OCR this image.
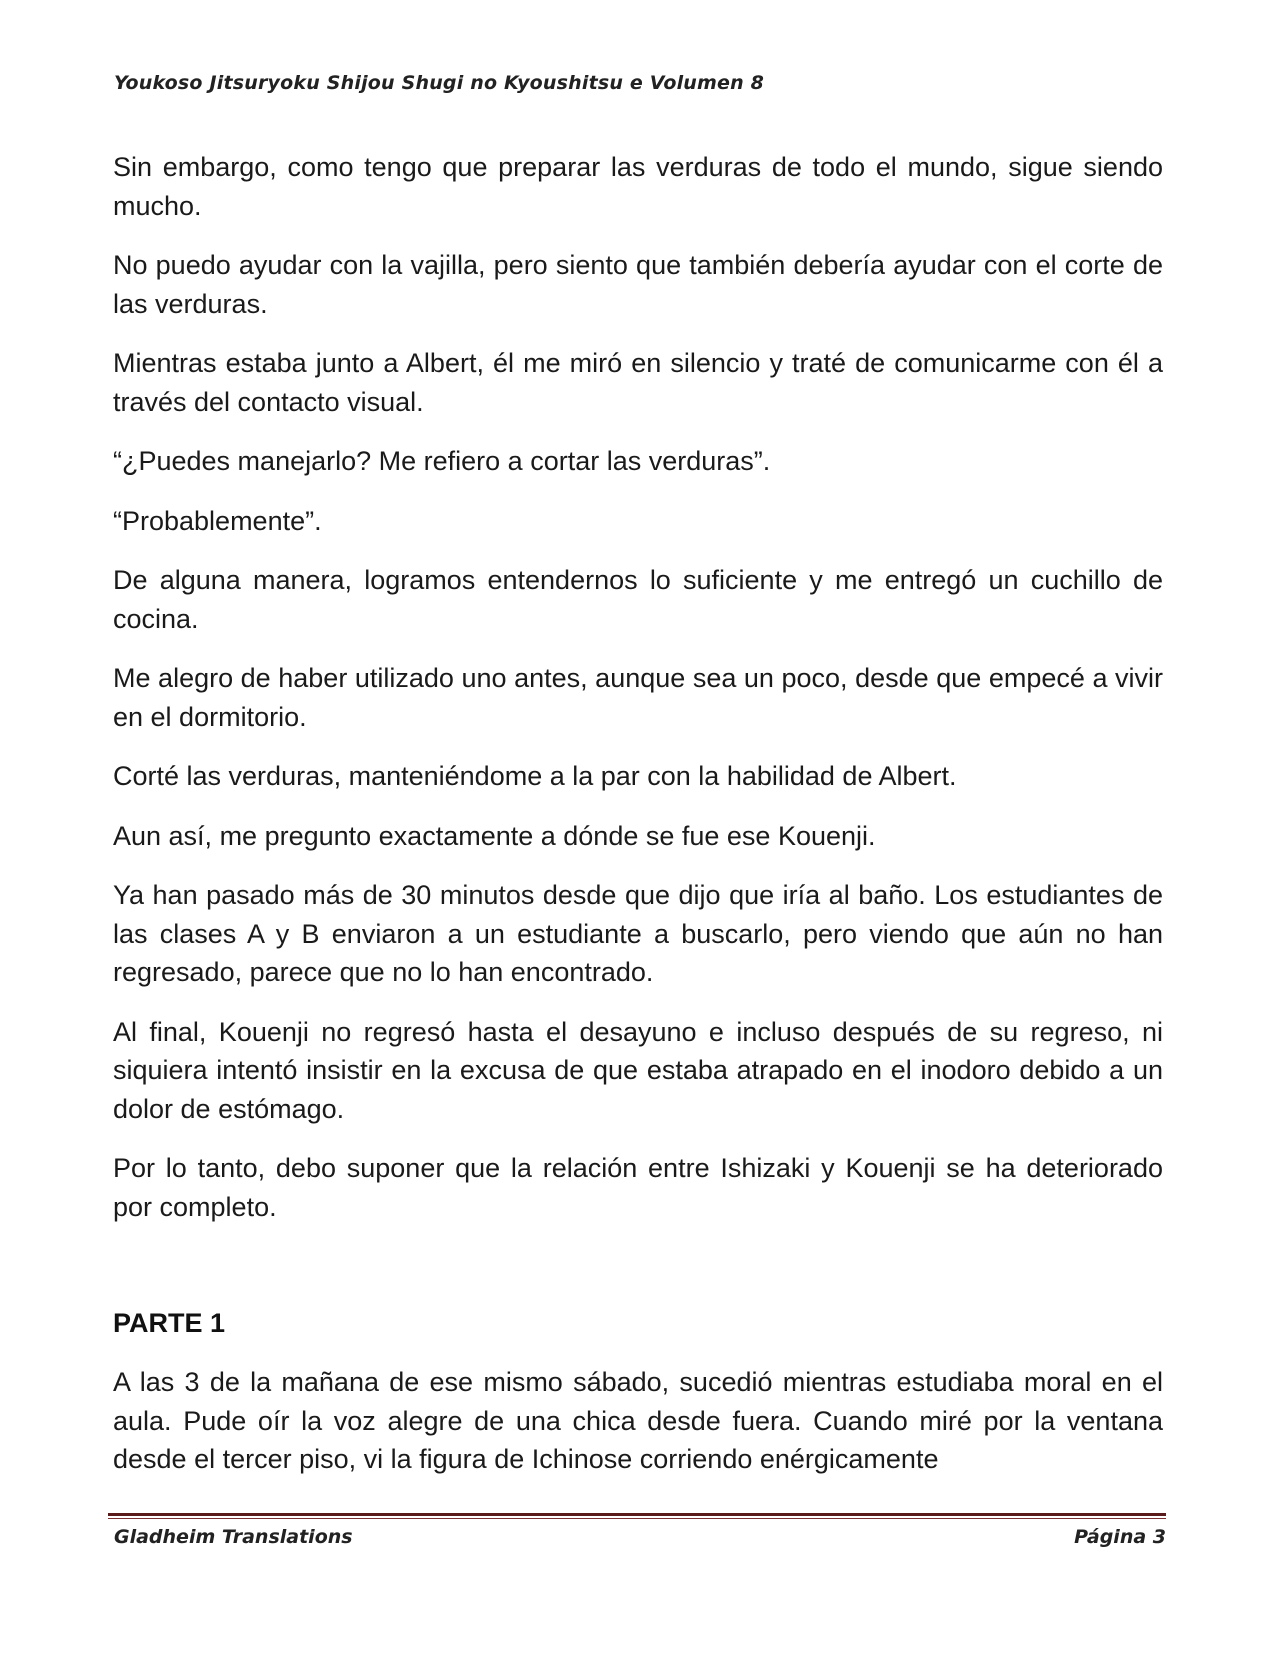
Youkoso Jitsuryoku Shijou Shugi no Kyoushitsu e Volumen 8

Sin embargo, como tengo que preparar las verduras de todo el mundo, sigue siendo mucho.

No puedo ayudar con la vajilla, pero siento que también debería ayudar con el corte de las verduras.

Mientras estaba junto a Albert, él me miró en silencio y traté de comunicarme con él a través del contacto visual.

“¿Puedes manejarlo? Me refiero a cortar las verduras”.

“Probablemente”.

De alguna manera, logramos entendernos lo suficiente y me entregó un cuchillo de cocina.

Me alegro de haber utilizado uno antes, aunque sea un poco, desde que empecé a vivir en el dormitorio.

Corté las verduras, manteniéndome a la par con la habilidad de Albert.

Aun así, me pregunto exactamente a dónde se fue ese Kouenji.

Ya han pasado más de 30 minutos desde que dijo que iría al baño. Los estudiantes de las clases A y B enviaron a un estudiante a buscarlo, pero viendo que aún no han regresado, parece que no lo han encontrado.

Al final, Kouenji no regresó hasta el desayuno e incluso después de su regreso, ni siquiera intentó insistir en la excusa de que estaba atrapado en el inodoro debido a un dolor de estómago.

Por lo tanto, debo suponer que la relación entre Ishizaki y Kouenji se ha deteriorado por completo.

PARTE 1

A las 3 de la mañana de ese mismo sábado, sucedió mientras estudiaba moral en el aula. Pude oír la voz alegre de una chica desde fuera. Cuando miré por la ventana desde el tercer piso, vi la figura de Ichinose corriendo enérgicamente

Gladheim Translations	Página 3
